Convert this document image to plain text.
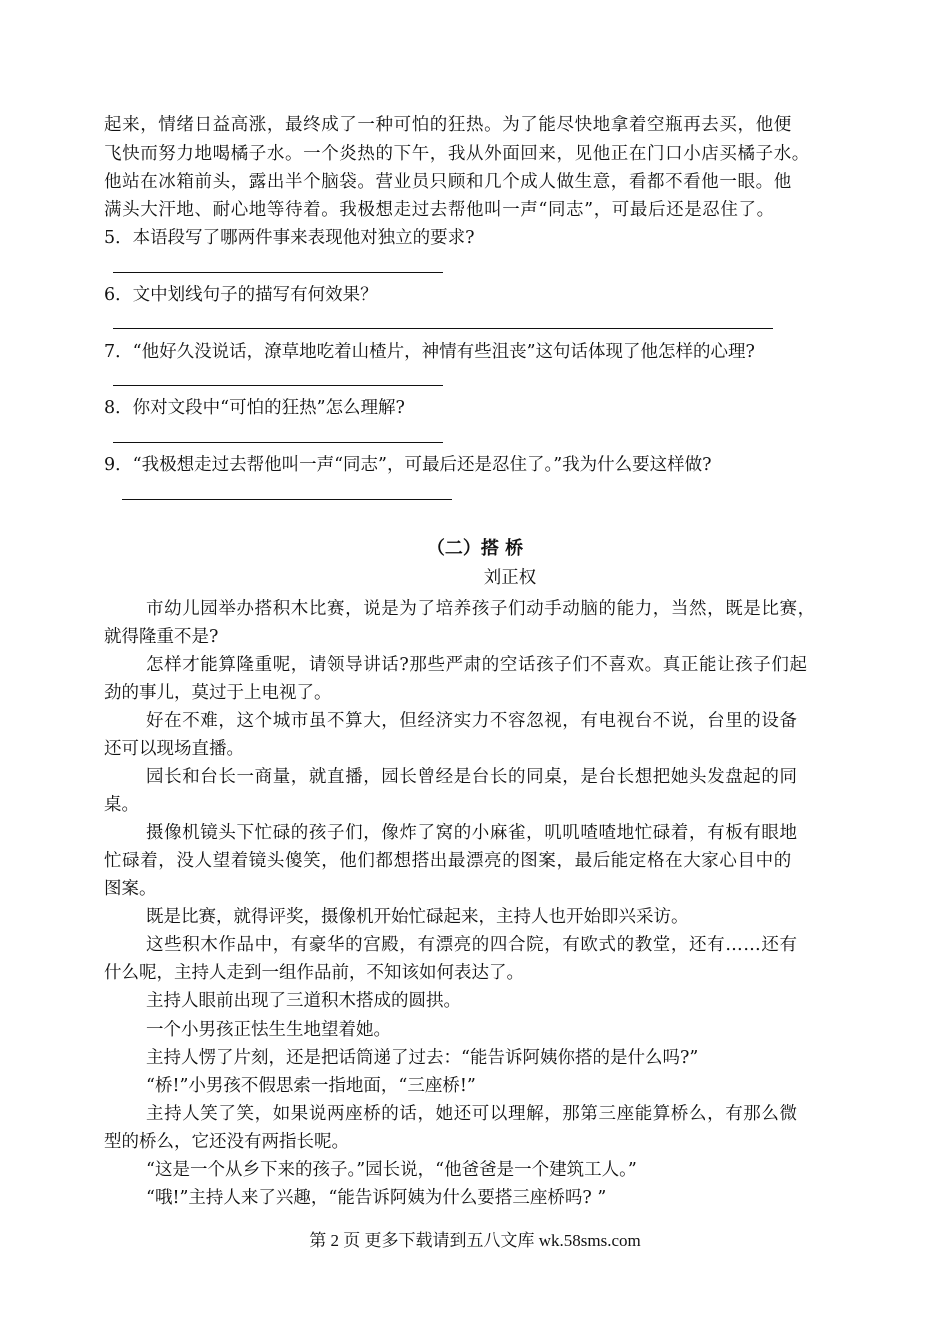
起来，情绪日益高涨，最终成了一种可怕的狂热。为了能尽快地拿着空瓶再去买，他便
飞快而努力地喝橘子水。一个炎热的下午，我从外面回来，见他正在门口小店买橘子水。
他站在冰箱前头，露出半个脑袋。营业员只顾和几个成人做生意，看都不看他一眼。他
满头大汗地、耐心地等待着。我极想走过去帮他叫一声“同志”，可最后还是忍住了。
5．本语段写了哪两件事来表现他对独立的要求?
6．文中划线句子的描写有何效果？
7．“他好久没说话，潦草地吃着山楂片，神情有些沮丧”这句话体现了他怎样的心理?
8．你对文段中“可怕的狂热”怎么理解?
9．“我极想走过去帮他叫一声“同志”，可最后还是忍住了。”我为什么要这样做?
（二）搭 桥
刘正权
市幼儿园举办搭积木比赛，说是为了培养孩子们动手动脑的能力，当然，既是比赛，
就得隆重不是?
怎样才能算隆重呢，请领导讲话?那些严肃的空话孩子们不喜欢。真正能让孩子们起
劲的事儿，莫过于上电视了。
好在不难，这个城市虽不算大，但经济实力不容忽视，有电视台不说，台里的设备
还可以现场直播。
园长和台长一商量，就直播，园长曾经是台长的同桌，是台长想把她头发盘起的同
桌。
摄像机镜头下忙碌的孩子们，像炸了窝的小麻雀，叽叽喳喳地忙碌着，有板有眼地
忙碌着，没人望着镜头傻笑，他们都想搭出最漂亮的图案，最后能定格在大家心目中的
图案。
既是比赛，就得评奖，摄像机开始忙碌起来，主持人也开始即兴采访。
这些积木作品中，有豪华的宫殿，有漂亮的四合院，有欧式的教堂，还有……还有
什么呢，主持人走到一组作品前，不知该如何表达了。
主持人眼前出现了三道积木搭成的圆拱。
一个小男孩正怯生生地望着她。
主持人愣了片刻，还是把话筒递了过去：“能告诉阿姨你搭的是什么吗?”
“桥!”小男孩不假思索一指地面，“三座桥!”
主持人笑了笑，如果说两座桥的话，她还可以理解，那第三座能算桥么，有那么微
型的桥么，它还没有两指长呢。
“这是一个从乡下来的孩子。”园长说，“他爸爸是一个建筑工人。”
“哦!”主持人来了兴趣，“能告诉阿姨为什么要搭三座桥吗? ”
第 2 页 更多下载请到五八文库 wk.58sms.com
